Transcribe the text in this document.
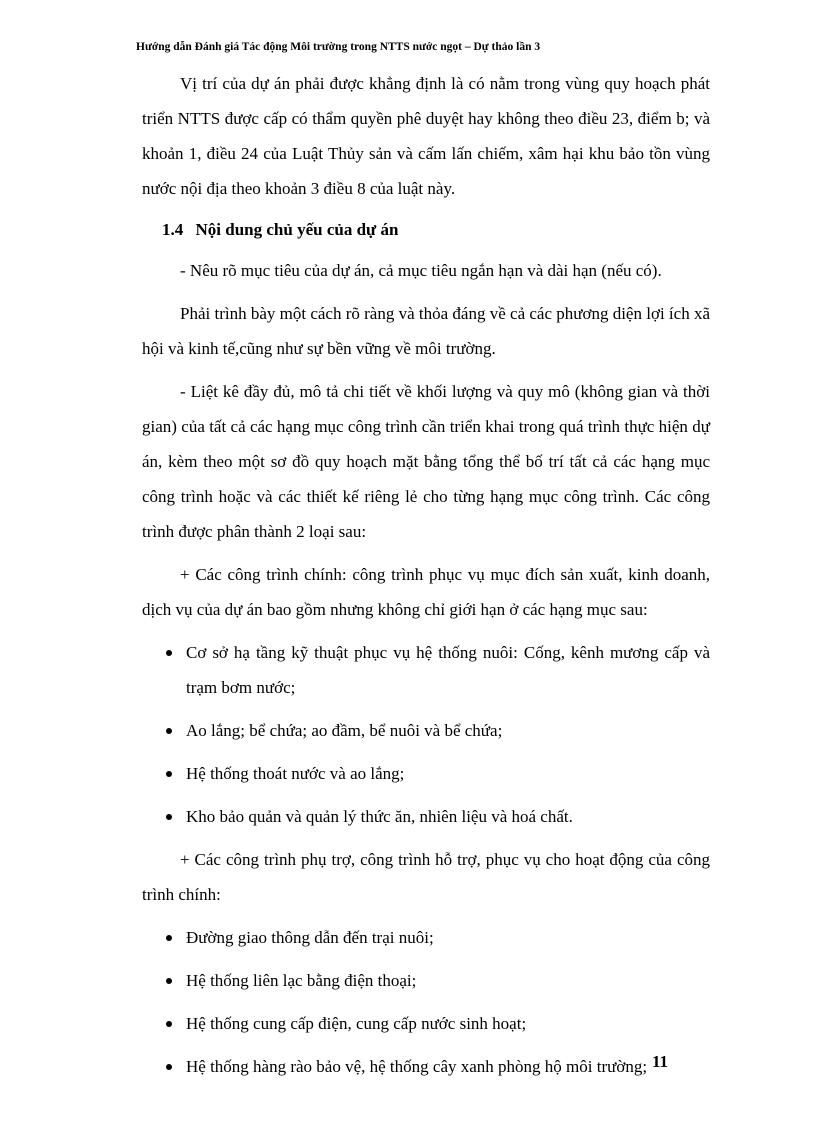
Hướng dẫn Đánh giá Tác động Môi trường trong NTTS nước ngọt – Dự thảo lần 3

Vị trí của dự án phải được khẳng định là có nằm trong vùng quy hoạch phát triển NTTS được cấp có thẩm quyền phê duyệt hay không theo điều 23, điểm b; và khoản 1, điều 24 của Luật Thủy sản và cấm lấn chiếm, xâm hại khu bảo tồn vùng nước nội địa theo khoản 3 điều 8 của luật này.

1.4 Nội dung chủ yếu của dự án

- Nêu rõ mục tiêu của dự án, cả mục tiêu ngắn hạn và dài hạn (nếu có).

Phải trình bày một cách rõ ràng và thỏa đáng về cả các phương diện lợi ích xã hội và kinh tế,cũng như sự bền vững về môi trường.

- Liệt kê đầy đủ, mô tả chi tiết về khối lượng và quy mô (không gian và thời gian) của tất cả các hạng mục công trình cần triển khai trong quá trình thực hiện dự án, kèm theo một sơ đồ quy hoạch mặt bằng tổng thể bố trí tất cả các hạng mục công trình hoặc và các thiết kế riêng lẻ cho từng hạng mục công trình. Các công trình được phân thành 2 loại sau:

+ Các công trình chính: công trình phục vụ mục đích sản xuất, kinh doanh, dịch vụ của dự án bao gồm nhưng không chỉ giới hạn ở các hạng mục sau:

Cơ sở hạ tầng kỹ thuật phục vụ hệ thống nuôi: Cống, kênh mương cấp và trạm bơm nước;
Ao lắng; bể chứa; ao đầm, bể nuôi và bể chứa;
Hệ thống thoát nước và ao lắng;
Kho bảo quản và quản lý thức ăn, nhiên liệu và hoá chất.

+ Các công trình phụ trợ, công trình hỗ trợ, phục vụ cho hoạt động của công trình chính:

Đường giao thông dẫn đến trại nuôi;
Hệ thống liên lạc bằng điện thoại;
Hệ thống cung cấp điện, cung cấp nước sinh hoạt;
Hệ thống hàng rào bảo vệ, hệ thống cây xanh phòng hộ môi trường; 11
